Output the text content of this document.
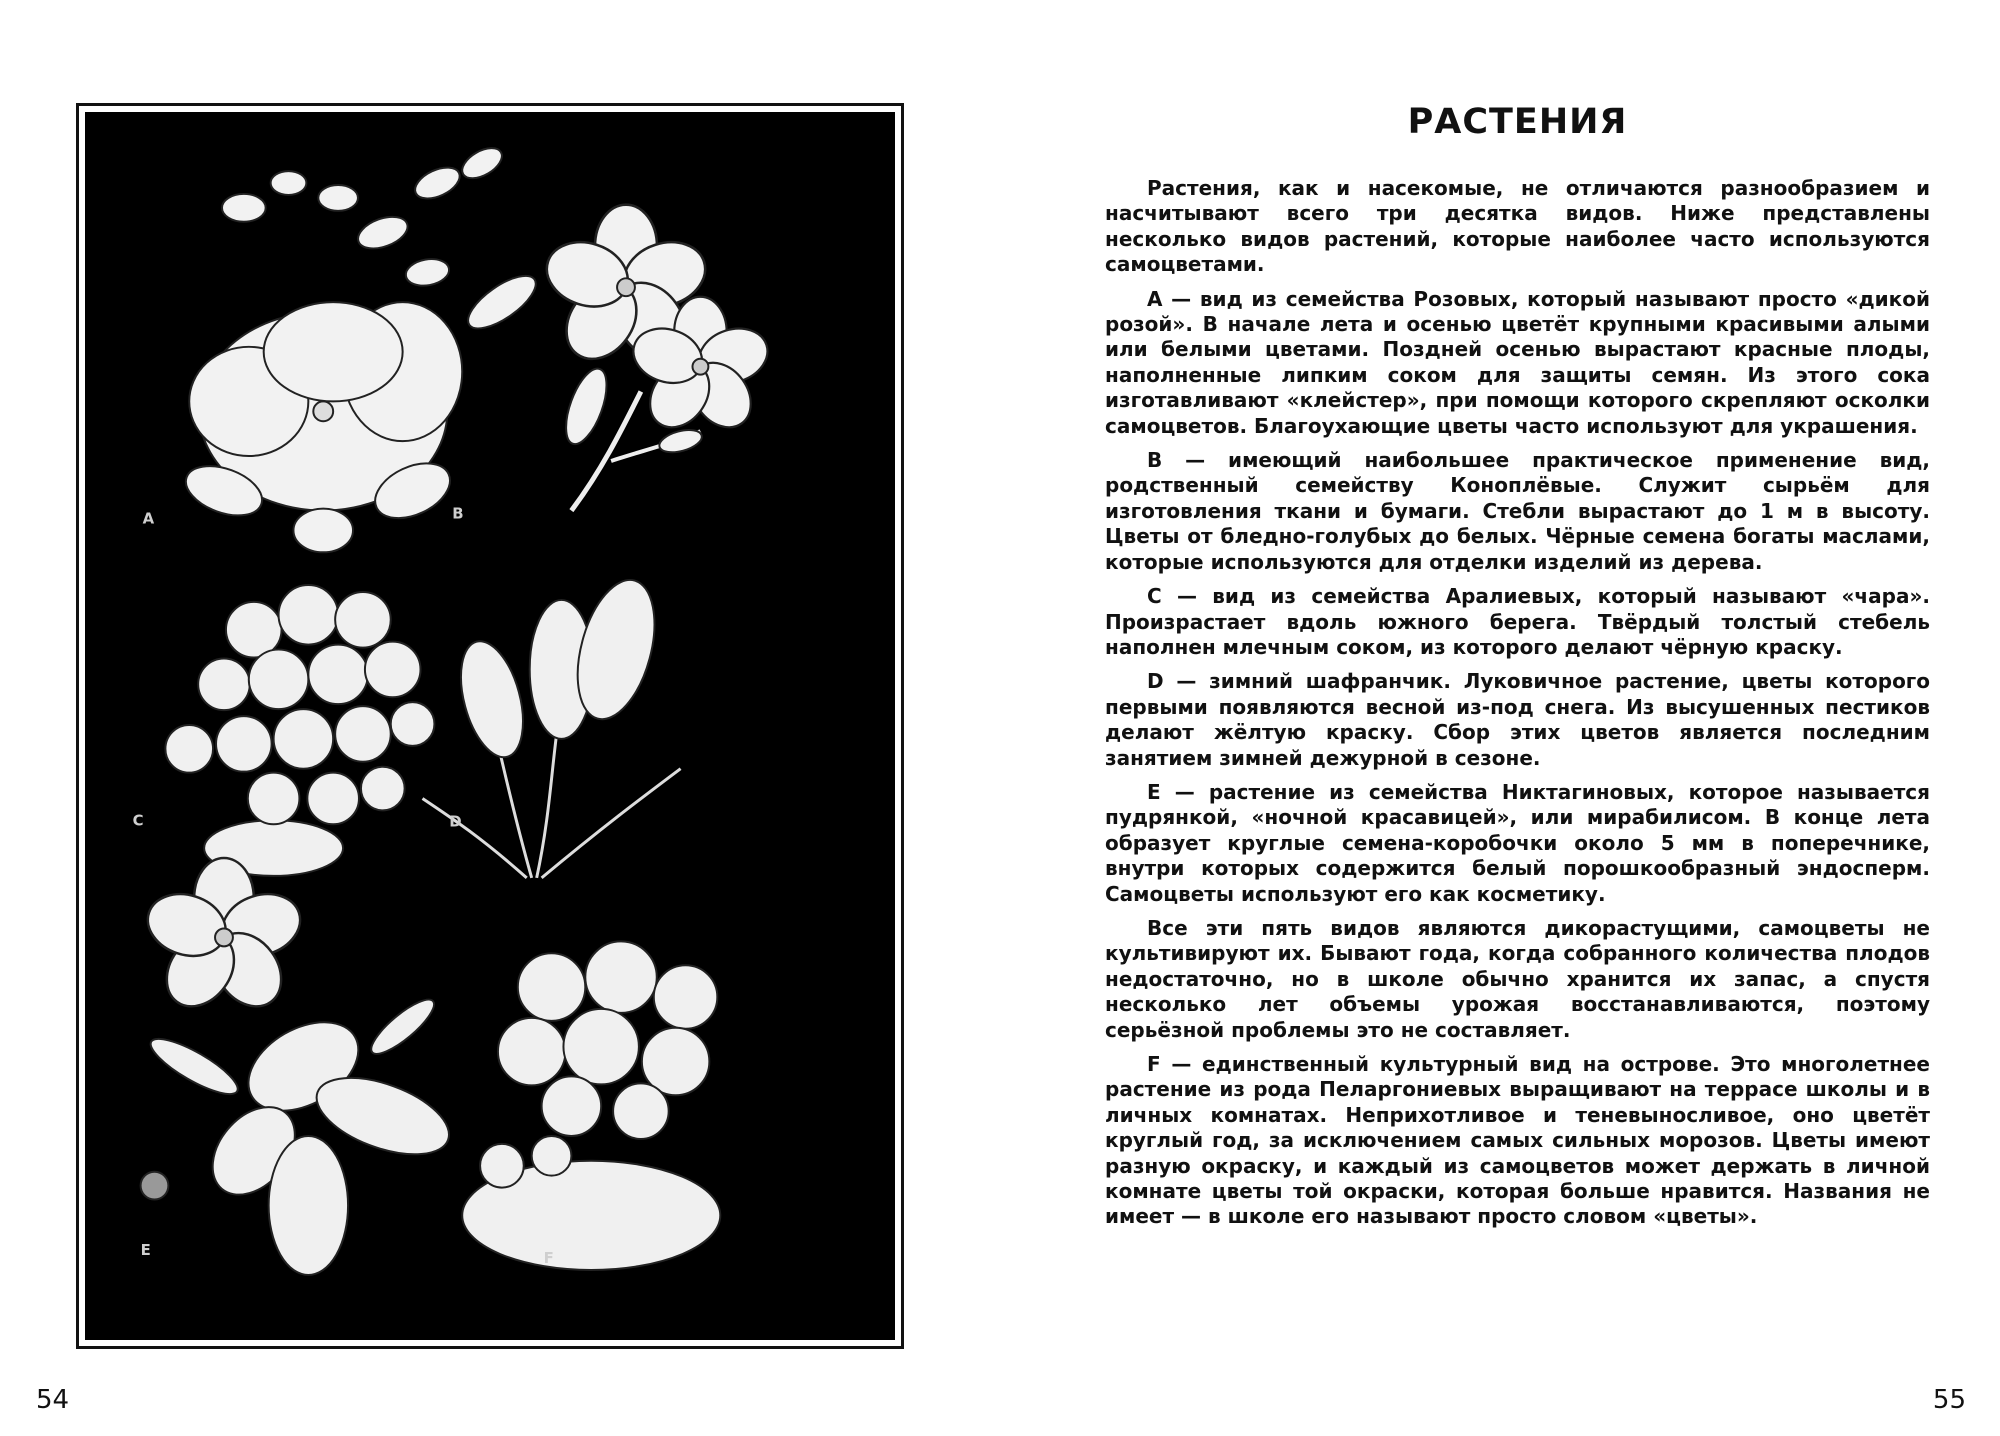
A	B
C	D
E	F
54
РАСТЕНИЯ

Растения, как и насекомые, не отличаются разнообразием и насчитывают всего три десятка видов. Ниже представлены несколько видов растений, которые наиболее часто используются самоцветами.

A — вид из семейства Розовых, который называют просто «дикой розой». В начале лета и осенью цветёт крупными красивыми алыми или белыми цветами. Поздней осенью вырастают красные плоды, наполненные липким соком для защиты семян. Из этого сока изготавливают «клейстер», при помощи которого скрепляют осколки самоцветов. Благоухающие цветы часто используют для украшения.

B — имеющий наибольшее практическое применение вид, родственный семейству Коноплёвые. Служит сырьём для изготовления ткани и бумаги. Стебли вырастают до 1 м в высоту. Цветы от бледно-голубых до белых. Чёрные семена богаты маслами, которые используются для отделки изделий из дерева.

C — вид из семейства Аралиевых, который называют «чара». Произрастает вдоль южного берега. Твёрдый толстый стебель наполнен млечным соком, из которого делают чёрную краску.

D — зимний шафранчик. Луковичное растение, цветы которого первыми появляются весной из-под снега. Из высушенных пестиков делают жёлтую краску. Сбор этих цветов является последним занятием зимней дежурной в сезоне.

E — растение из семейства Никтагиновых, которое называется пудрянкой, «ночной красавицей», или мирабилисом. В конце лета образует круглые семена-коробочки около 5 мм в поперечнике, внутри которых содержится белый порошкообразный эндосперм. Самоцветы используют его как косметику.

Все эти пять видов являются дикорастущими, самоцветы не культивируют их. Бывают года, когда собранного количества плодов недостаточно, но в школе обычно хранится их запас, а спустя несколько лет объемы урожая восстанавливаются, поэтому серьёзной проблемы это не составляет.

F — единственный культурный вид на острове. Это многолетнее растение из рода Пеларгониевых выращивают на террасе школы и в личных комнатах. Неприхотливое и теневыносливое, оно цветёт круглый год, за исключением самых сильных морозов. Цветы имеют разную окраску, и каждый из самоцветов может держать в личной комнате цветы той окраски, которая больше нравится. Названия не имеет — в школе его называют просто словом «цветы».

55
